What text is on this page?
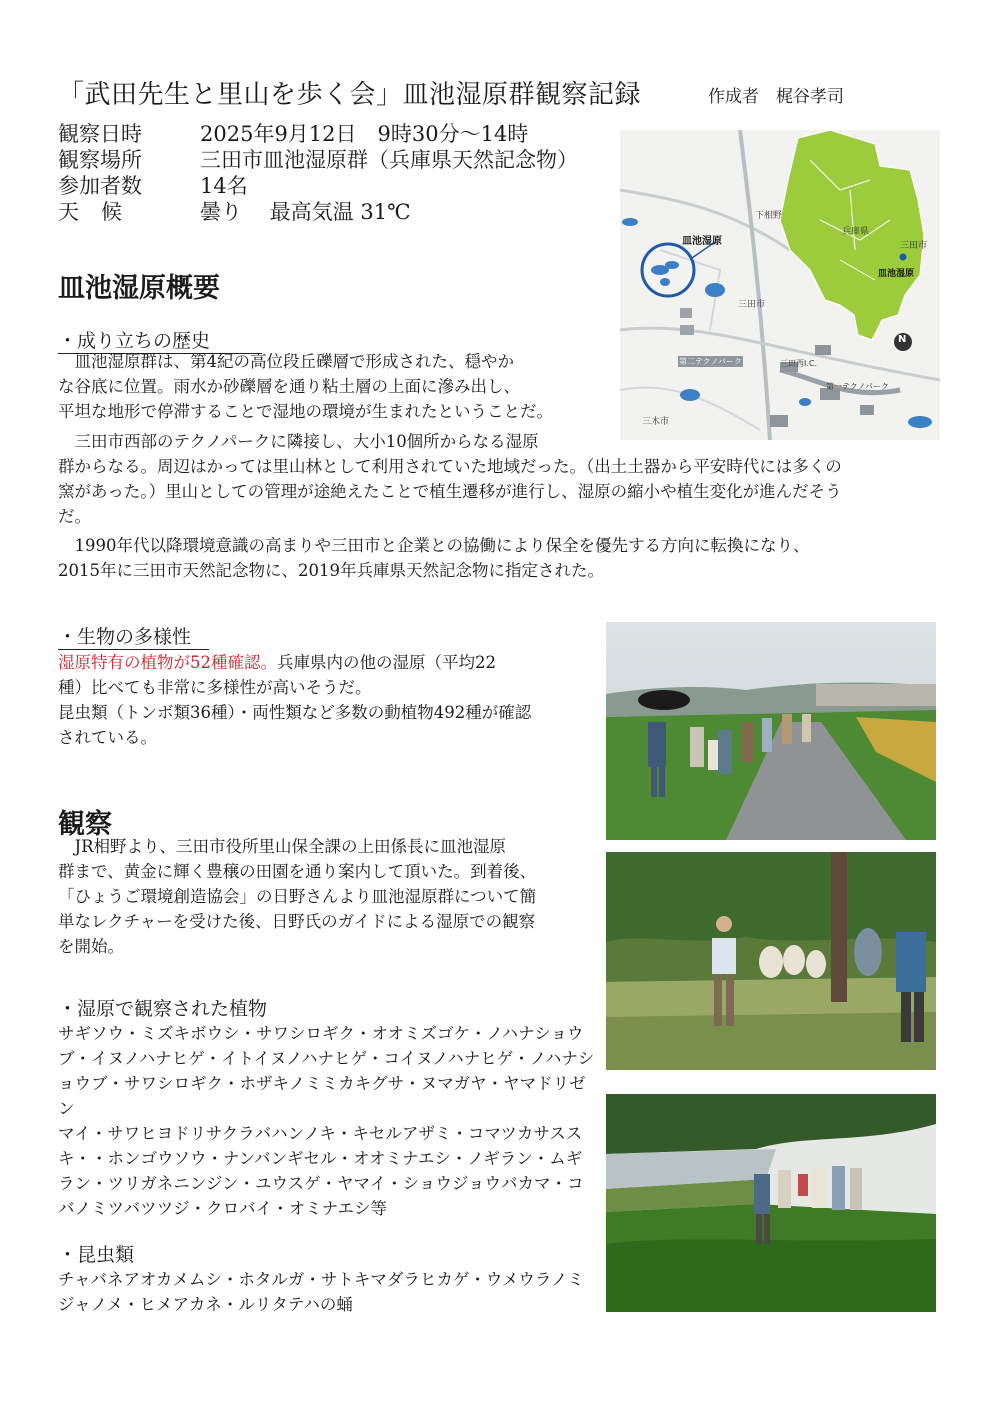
「武田先生と里山を歩く会」皿池湿原群観察記録	作成者　梶谷孝司
観察日時	2025年9月12日　9時30分～14時
観察場所	三田市皿池湿原群（兵庫県天然記念物）
参加者数	14名
天候	曇り　 最高気温 31℃
皿池湿原
三田市
下相野
兵庫県
三田市
皿池湿原
第二テクノパーク	三田西I.C.
第一テクノパーク
三木市
N
皿池湿原概要
・成り立ちの歴史
　皿池湿原群は、第4紀の高位段丘礫層で形成された、穏やか
な谷底に位置。雨水か砂礫層を通り粘土層の上面に滲み出し、
平坦な地形で停滞することで湿地の環境が生まれたということだ。
　三田市西部のテクノパークに隣接し、大小10個所からなる湿原
群からなる。周辺はかっては里山林として利用されていた地域だった。（出土土器から平安時代には多くの
窯があった。）里山としての管理が途絶えたことで植生遷移が進行し、湿原の縮小や植生変化が進んだそう
だ。
　1990年代以降環境意識の高まりや三田市と企業との協働により保全を優先する方向に転換になり、
2015年に三田市天然記念物に、2019年兵庫県天然記念物に指定された。
・生物の多様性
湿原特有の植物が52種確認。兵庫県内の他の湿原（平均22
種）比べても非常に多様性が高いそうだ。
昆虫類（トンボ類36種）・両性類など多数の動植物492種が確認
されている。
観察
　JR相野より、三田市役所里山保全課の上田係長に皿池湿原
群まで、黄金に輝く豊穣の田園を通り案内して頂いた。到着後、
「ひょうご環境創造協会」の日野さんより皿池湿原群について簡
単なレクチャーを受けた後、日野氏のガイドによる湿原での観察
を開始。
・湿原で観察された植物
サギソウ・ミズキボウシ・サワシロギク・オオミズゴケ・ノハナショウ
ブ・イヌノハナヒゲ・イトイヌノハナヒゲ・コイヌノハナヒゲ・ノハナシ
ョウブ・サワシロギク・ホザキノミミカキグサ・ヌマガヤ・ヤマドリゼン
マイ・サワヒヨドリサクラバハンノキ・キセルアザミ・コマツカサスス
キ・・ホンゴウソウ・ナンバンギセル・オオミナエシ・ノギラン・ムギ
ラン・ツリガネニンジン・ユウスゲ・ヤマイ・ショウジョウバカマ・コ
バノミツバツツジ・クロバイ・オミナエシ等
・昆虫類
チャバネアオカメムシ・ホタルガ・サトキマダラヒカゲ・ウメウラノミ
ジャノメ・ヒメアカネ・ルリタテハの蛹
